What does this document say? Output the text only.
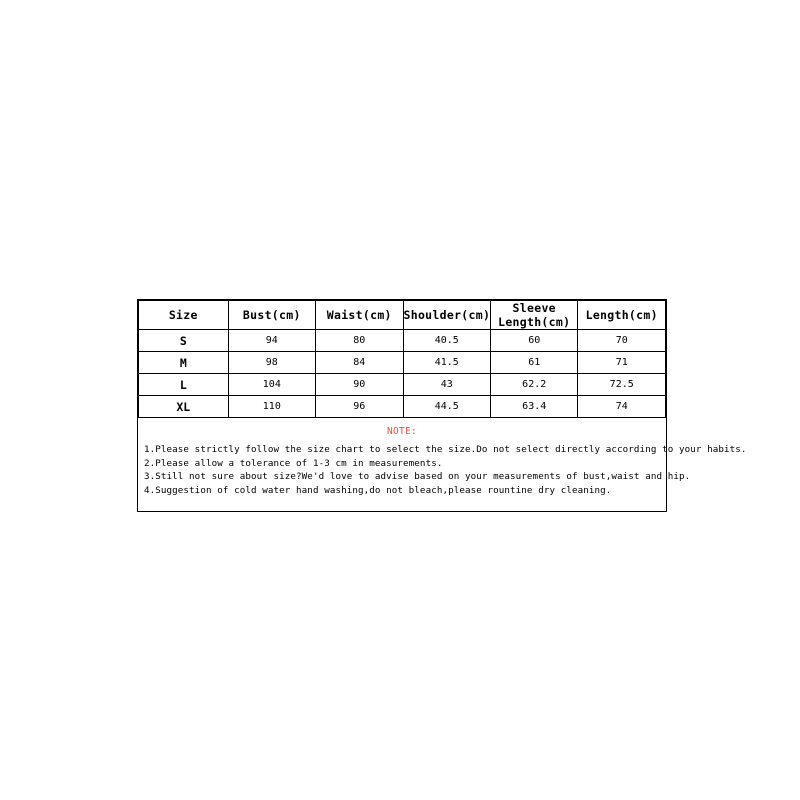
Size	Bust(cm)	Waist(cm)	Shoulder(cm)	Sleeve Length(cm)	Length(cm)
S	94	80	40.5	60	70
M	98	84	41.5	61	71
L	104	90	43	62.2	72.5
XL	110	96	44.5	63.4	74
NOTE:
1.Please strictly follow the size chart to select the size.Do not select directly according to your habits.
2.Please allow a tolerance of 1-3 cm in measurements.
3.Still not sure about size?We'd love to advise based on your measurements of bust,waist and hip.
4.Suggestion of cold water hand washing,do not bleach,please rountine dry cleaning.
